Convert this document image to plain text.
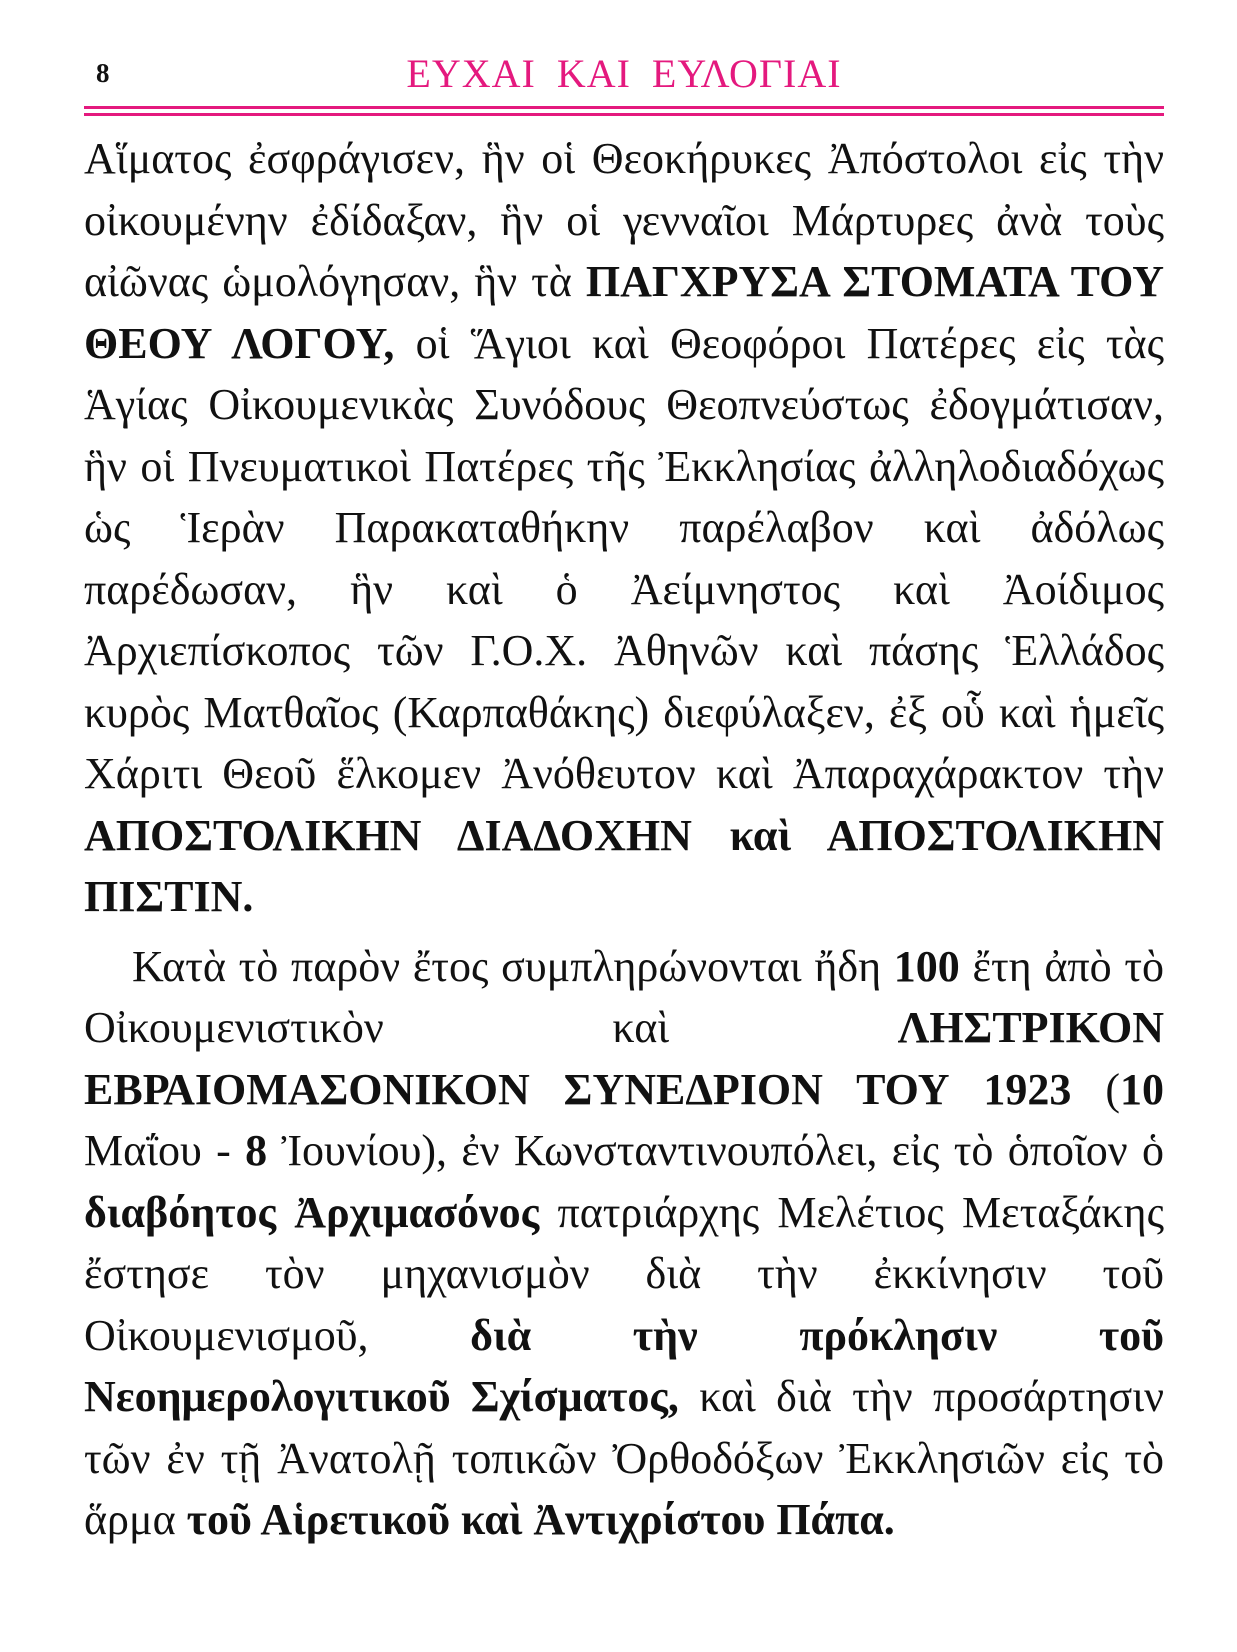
8	ΕΥΧΑΙ ΚΑΙ ΕΥΛΟΓΙΑΙ

Αἵματος ἐσφράγισεν, ἣν οἱ Θεοκήρυκες Ἀπόστολοι εἰς τὴν οἰκουμένην ἐδίδαξαν, ἣν οἱ γενναῖοι Μάρτυρες ἀνὰ τοὺς αἰῶνας ὡμολόγησαν, ἣν τὰ ΠΑΓΧΡΥΣΑ ΣΤΟΜΑΤΑ ΤΟΥ ΘΕΟΥ ΛΟΓΟΥ, οἱ Ἅγιοι καὶ Θεοφόροι Πατέρες εἰς τὰς Ἁγίας Οἰκουμενικὰς Συνόδους Θεοπνεύστως ἐδογμάτισαν, ἣν οἱ Πνευματικοὶ Πατέρες τῆς Ἐκκλησίας ἀλληλοδιαδόχως ὡς Ἱερὰν Παρακαταθήκην παρέλαβον καὶ ἀδόλως παρέδωσαν, ἣν καὶ ὁ Ἀείμνηστος καὶ Ἀοίδιμος Ἀρχιεπίσκοπος τῶν Γ.Ο.Χ. Ἀθηνῶν καὶ πάσης Ἑλλάδος κυρὸς Ματθαῖος (Καρπαθάκης) διεφύλαξεν, ἐξ οὗ καὶ ἡμεῖς Χάριτι Θεοῦ ἕλκομεν Ἀνόθευτον καὶ Ἀπαραχάρακτον τὴν ΑΠΟΣΤΟΛΙΚΗΝ ΔΙΑΔΟΧΗΝ καὶ ΑΠΟΣΤΟΛΙΚΗΝ ΠΙΣΤΙΝ.

Κατὰ τὸ παρὸν ἔτος συμπληρώνονται ἤδη 100 ἔτη ἀπὸ τὸ Οἰκουμενιστικὸν καὶ ΛΗΣΤΡΙΚΟΝ ΕΒΡΑΙΟΜΑΣΟΝΙΚΟΝ ΣΥΝΕΔΡΙΟΝ ΤΟΥ 1923 (10 Μαΐου - 8 Ἰουνίου), ἐν Κωνσταντινουπόλει, εἰς τὸ ὁποῖον ὁ διαβόητος Ἀρχιμασόνος πατριάρχης Μελέτιος Μεταξάκης ἔστησε τὸν μηχανισμὸν διὰ τὴν ἐκκίνησιν τοῦ Οἰκουμενισμοῦ, διὰ τὴν πρόκλησιν τοῦ Νεοημερολογιτικοῦ Σχίσματος, καὶ διὰ τὴν προσάρτησιν τῶν ἐν τῇ Ἀνατολῇ τοπικῶν Ὀρθοδόξων Ἐκκλησιῶν εἰς τὸ ἅρμα τοῦ Αἱρετικοῦ καὶ Ἀντιχρίστου Πάπα.
